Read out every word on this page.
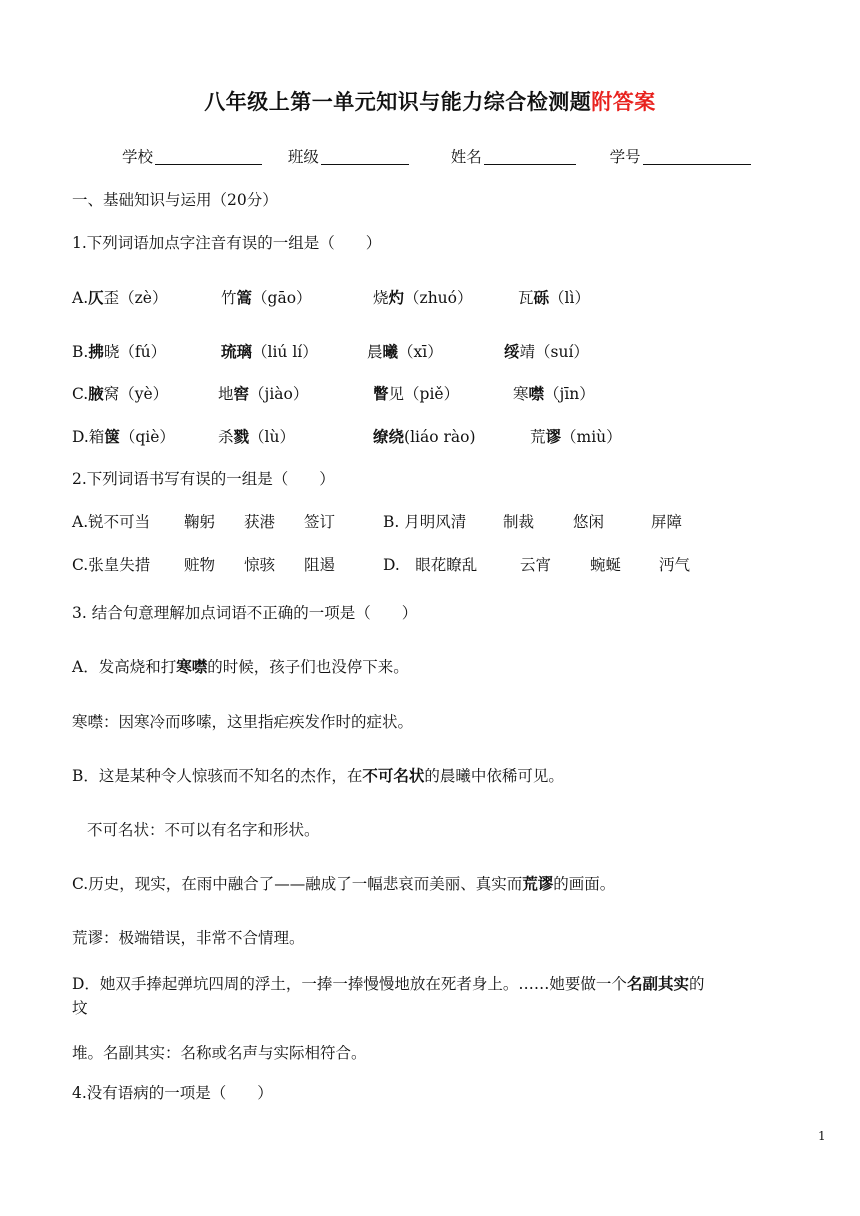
八年级上第一单元知识与能力综合检测题附答案
学校	班级	姓名	学号
一、基础知识与运用（20分）
1.下列词语加点字注音有误的一组是（　　）
A.仄歪（zè）	竹篙（gāo）	烧灼（zhuó）	瓦砾（lì）
B.拂晓（fú）	琉璃（liú lí）	晨曦（xī）	绥靖（suí）
C.腋窝（yè）	地窖（jiào）	瞥见（piě）	寒噤（jīn）
D.箱箧（qiè）	杀戮（lù）	缭绕(liáo rào)	荒谬（miù）
2.下列词语书写有误的一组是（　　）
A.锐不可当 鞠躬 获港 签订	B. 月明风清 制裁	悠闲	屏障
C.张皇失措 赃物 惊骇 阻遏	D.　眼花瞭乱	云宵	蜿蜒 沔气
3. 结合句意理解加点词语不正确的一项是（　　）
A．发高烧和打寒噤的时候，孩子们也没停下来。
寒噤：因寒冷而哆嗦，这里指疟疾发作时的症状。
B．这是某种令人惊骇而不知名的杰作，在不可名状的晨曦中依稀可见。
不可名状：不可以有名字和形状。
C.历史，现实，在雨中融合了——融成了一幅悲哀而美丽、真实而荒谬的画面。
荒谬：极端错误，非常不合情理。
D．她双手捧起弹坑四周的浮土，一捧一捧慢慢地放在死者身上。……她要做一个名副其实的
坟
堆。名副其实：名称或名声与实际相符合。
4.没有语病的一项是（　　）
1
